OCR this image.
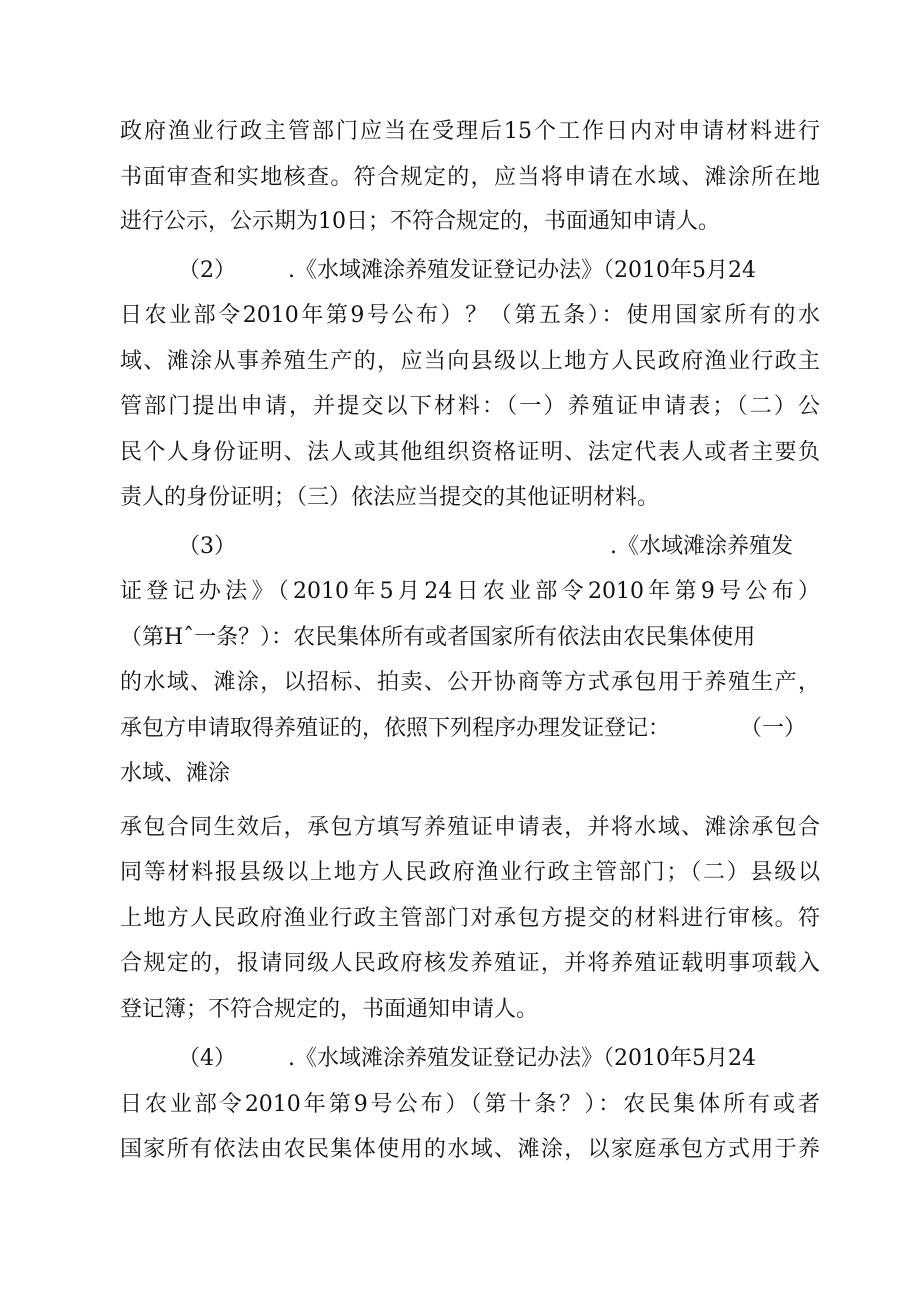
政府渔业行政主管部门应当在受理后15个工作日内对申请材料进行
书面审查和实地核查。符合规定的，应当将申请在水域、滩涂所在地
进行公示，公示期为10日；不符合规定的，书面通知申请人。
（2） .《水域滩涂养殖发证登记办法》（2010年5月24
日农业部令2010年第9号公布）？（第五条）：使用国家所有的水
域、滩涂从事养殖生产的，应当向县级以上地方人民政府渔业行政主
管部门提出申请，并提交以下材料：（一）养殖证申请表；（二）公
民个人身份证明、法人或其他组织资格证明、法定代表人或者主要负
责人的身份证明；（三）依法应当提交的其他证明材料。
（3）	.《水域滩涂养殖发
证登记办法》（2010年5月24日农业部令2010年第9号公布）
（第Hˆ一条？）：农民集体所有或者国家所有依法由农民集体使用
的水域、滩涂，以招标、拍卖、公开协商等方式承包用于养殖生产，
承包方申请取得养殖证的，依照下列程序办理发证登记：	（一）
水域、滩涂
承包合同生效后，承包方填写养殖证申请表，并将水域、滩涂承包合
同等材料报县级以上地方人民政府渔业行政主管部门；（二）县级以
上地方人民政府渔业行政主管部门对承包方提交的材料进行审核。符
合规定的，报请同级人民政府核发养殖证，并将养殖证载明事项载入
登记簿；不符合规定的，书面通知申请人。
（4） .《水域滩涂养殖发证登记办法》（2010年5月24
日农业部令2010年第9号公布）（第十条？）：农民集体所有或者
国家所有依法由农民集体使用的水域、滩涂，以家庭承包方式用于养
